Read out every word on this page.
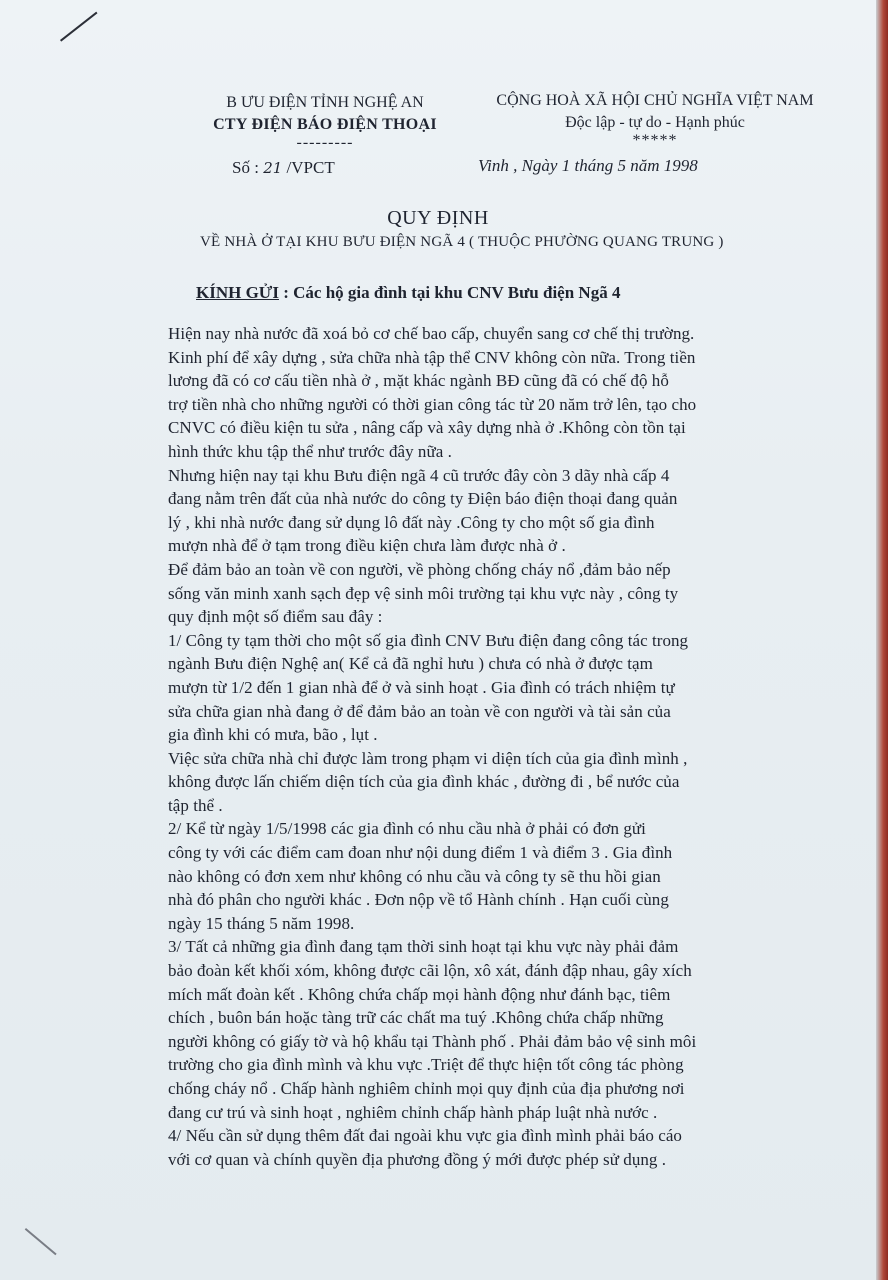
B ƯU ĐIỆN TỈNH NGHỆ AN
CTY ĐIỆN BÁO ĐIỆN THOẠI
---------
CỘNG HOÀ XÃ HỘI CHỦ NGHĨA VIỆT NAM
Độc lập - tự do - Hạnh phúc
*****
Số : 21 /VPCT	Vinh , Ngày 1 tháng 5 năm 1998
QUY ĐỊNH
VỀ NHÀ Ở TẠI KHU BƯU ĐIỆN NGÃ 4 ( THUỘC PHƯỜNG QUANG TRUNG )
KÍNH GỬI : Các hộ gia đình tại khu CNV Bưu điện Ngã 4
Hiện nay nhà nước đã xoá bỏ cơ chế bao cấp, chuyển sang cơ chế thị trường.
Kinh phí để xây dựng , sửa chữa nhà tập thể CNV không còn nữa. Trong tiền
lương đã có cơ cấu tiền nhà ở , mặt khác ngành BĐ cũng đã có chế độ hỗ
trợ tiền nhà cho những người có thời gian công tác từ 20 năm trở lên, tạo cho
CNVC có điều kiện tu sửa , nâng cấp và xây dựng nhà ở .Không còn tồn tại
hình thức khu tập thể như trước đây nữa .
Nhưng hiện nay tại khu Bưu điện ngã 4 cũ trước đây còn 3 dãy nhà cấp 4
đang nằm trên đất của nhà nước do công ty Điện báo điện thoại đang quản
lý , khi nhà nước đang sử dụng lô đất này .Công ty cho một số gia đình
mượn nhà để ở tạm trong điều kiện chưa làm được nhà ở .
Để đảm bảo an toàn về con người, về phòng chống cháy nổ ,đảm bảo nếp
sống văn minh xanh sạch đẹp vệ sinh môi trường tại khu vực này , công ty
quy định một số điểm sau đây :
1/ Công ty tạm thời cho một số gia đình CNV Bưu điện đang công tác trong
ngành Bưu điện Nghệ an( Kể cả đã nghỉ hưu ) chưa có nhà ở được tạm
mượn từ 1/2 đến 1 gian nhà để ở và sinh hoạt . Gia đình có trách nhiệm tự
sửa chữa gian nhà đang ở để đảm bảo an toàn về con người và tài sản của
gia đình khi có mưa, bão , lụt .
Việc sửa chữa nhà chỉ được làm trong phạm vi diện tích của gia đình mình ,
không được lấn chiếm diện tích của gia đình khác , đường đi , bể nước của
tập thể .
2/ Kể từ ngày 1/5/1998 các gia đình có nhu cầu nhà ở phải có đơn gửi
công ty với các điểm cam đoan như nội dung điểm 1 và điểm 3 . Gia đình
nào không có đơn xem như không có nhu cầu và công ty sẽ thu hồi gian
nhà đó phân cho người khác . Đơn nộp về tổ Hành chính . Hạn cuối cùng
ngày 15 tháng 5 năm 1998.
3/ Tất cả những gia đình đang tạm thời sinh hoạt tại khu vực này phải đảm
bảo đoàn kết khối xóm, không được cãi lộn, xô xát, đánh đập nhau, gây xích
mích mất đoàn kết . Không chứa chấp mọi hành động như đánh bạc, tiêm
chích , buôn bán hoặc tàng trữ các chất ma tuý .Không chứa chấp những
người không có giấy tờ và hộ khẩu tại Thành phố . Phải đảm bảo vệ sinh môi
trường cho gia đình mình và khu vực .Triệt để thực hiện tốt công tác phòng
chống cháy nổ . Chấp hành nghiêm chỉnh mọi quy định của địa phương nơi
đang cư trú và sinh hoạt , nghiêm chỉnh chấp hành pháp luật nhà nước .
4/ Nếu cần sử dụng thêm đất đai ngoài khu vực gia đình mình phải báo cáo
với cơ quan và chính quyền địa phương đồng ý mới được phép sử dụng .
